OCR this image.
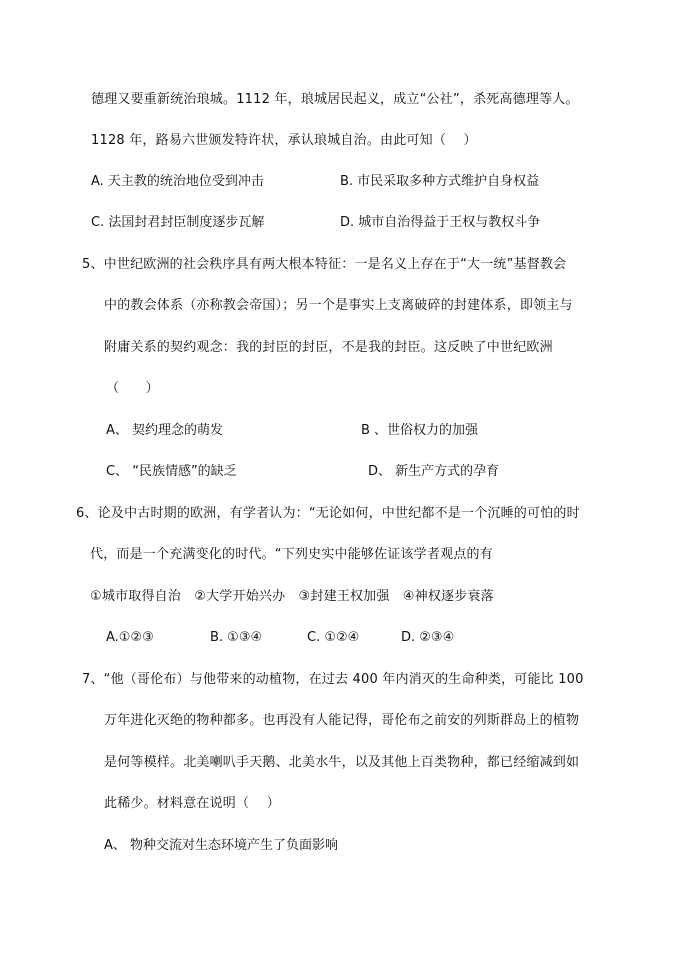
德理又要重新统治琅城。1112 年，琅城居民起义，成立“公社”，杀死高德理等人。
1128 年，路易六世颁发特许状，承认琅城自治。由此可知（　 ）
A. 天主教的统治地位受到冲击	B. 市民采取多种方式维护自身权益
C. 法国封君封臣制度逐步瓦解	D. 城市自治得益于王权与教权斗争
5、中世纪欧洲的社会秩序具有两大根本特征：一是名义上存在于“大一统”基督教会
中的教会体系（亦称教会帝国）；另一个是事实上支离破碎的封建体系，即领主与
附庸关系的契约观念：我的封臣的封臣，不是我的封臣。这反映了中世纪欧洲
（　　）
A、 契约理念的萌发	B 、世俗权力的加强
C、 “民族情感”的缺乏	D、 新生产方式的孕育
6、论及中古时期的欧洲，有学者认为：“无论如何，中世纪都不是一个沉睡的可怕的时
代，而是一个充满变化的时代。“下列史实中能够佐证该学者观点的有
①城市取得自治　②大学开始兴办　③封建王权加强　④神权逐步衰落
A.①②③	B. ①③④	C. ①②④	D. ②③④
7、“他（哥伦布）与他带来的动植物，在过去 400 年内消灭的生命种类，可能比 100
万年进化灭绝的物种都多。也再没有人能记得，哥伦布之前安的列斯群岛上的植物
是何等模样。北美喇叭手天鹅、北美水牛，以及其他上百类物种，都已经缩减到如
此稀少。材料意在说明（　 ）
A、 物种交流对生态环境产生了负面影响
